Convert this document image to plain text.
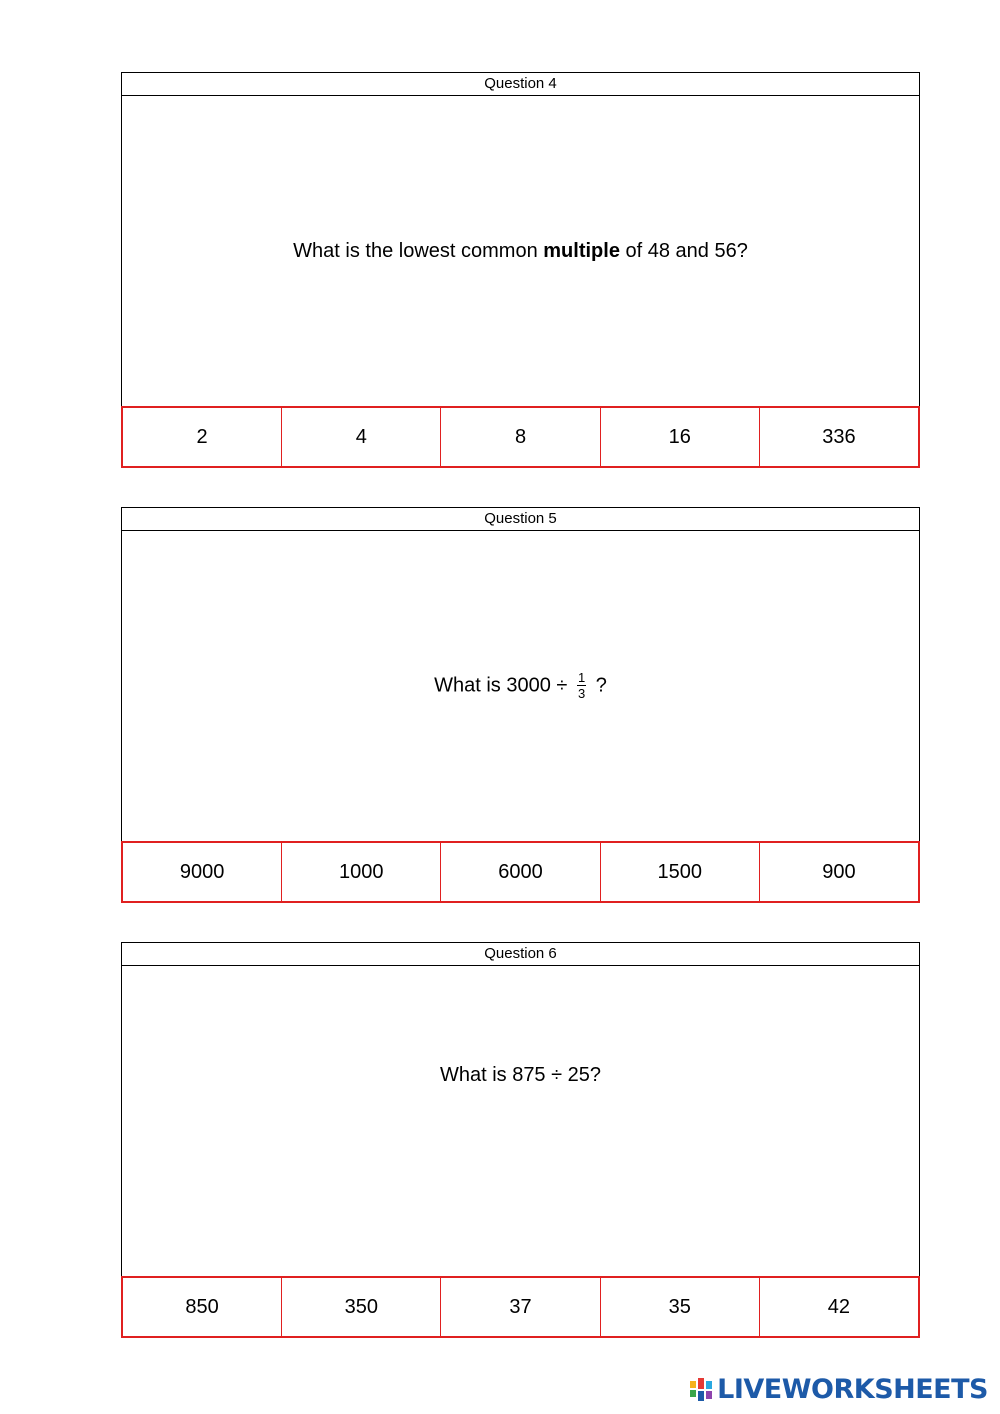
Question 4
What is the lowest common multiple of 48 and 56?
2	4	8	16	336
Question 5
What is $3000 \div \frac{1}{3}$ ?
9000	1000	6000	1500	900
Question 6
What is 875 ÷ 25?
850	350	37	35	42
LIVEWORKSHEETS
